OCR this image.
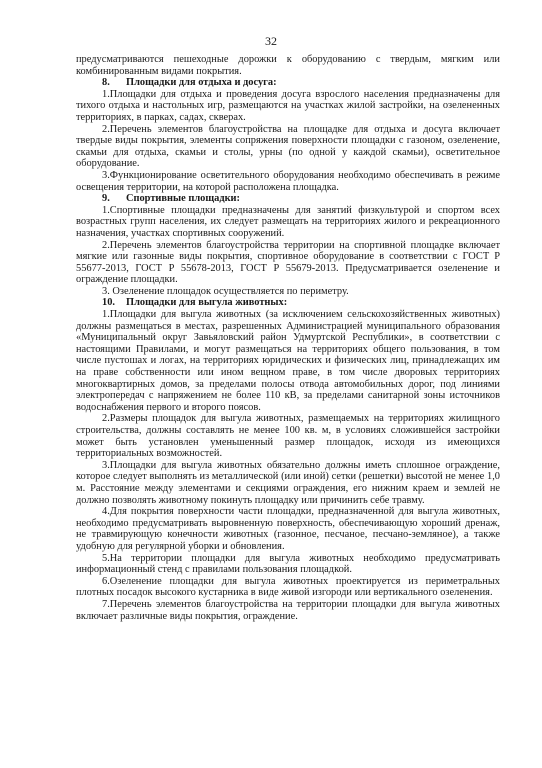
32

предусматриваются пешеходные дорожки к оборудованию с твердым, мягким или комбинированным видами покрытия.

8. Площадки для отдыха и досуга:

1.Площадки для отдыха и проведения досуга взрослого населения предназначены для тихого отдыха и настольных игр, размещаются на участках жилой застройки, на озелененных территориях, в парках, садах, скверах.

2.Перечень элементов благоустройства на площадке для отдыха и досуга включает твердые виды покрытия, элементы сопряжения поверхности площадки с газоном, озеленение, скамьи для отдыха, скамьи и столы, урны (по одной у каждой скамьи), осветительное оборудование.

3.Функционирование осветительного оборудования необходимо обеспечивать в режиме освещения территории, на которой расположена площадка.

9. Спортивные площадки:

1.Спортивные площадки предназначены для занятий физкультурой и спортом всех возрастных групп населения, их следует размещать на территориях жилого и рекреационного назначения, участках спортивных сооружений.

2.Перечень элементов благоустройства территории на спортивной площадке включает мягкие или газонные виды покрытия, спортивное оборудование в соответствии с ГОСТ Р 55677-2013, ГОСТ Р 55678-2013, ГОСТ Р 55679-2013. Предусматривается озеленение и ограждение площадки.

3. Озеленение площадок осуществляется по периметру.

10. Площадки для выгула животных:

1.Площадки для выгула животных (за исключением сельскохозяйственных животных) должны размещаться в местах, разрешенных Администрацией муниципального образования «Муниципальный округ Завьяловский район Удмуртской Республики», в соответствии с настоящими Правилами, и могут размещаться на территориях общего пользования, в том числе пустошах и логах, на территориях юридических и физических лиц, принадлежащих им на праве собственности или ином вещном праве, в том числе дворовых территориях многоквартирных домов, за пределами полосы отвода автомобильных дорог, под линиями электропередач с напряжением не более 110 кВ, за пределами санитарной зоны источников водоснабжения первого и второго поясов.

2.Размеры площадок для выгула животных, размещаемых на территориях жилищного строительства, должны составлять не менее 100 кв. м, в условиях сложившейся застройки может быть установлен уменьшенный размер площадок, исходя из имеющихся территориальных возможностей.

3.Площадки для выгула животных обязательно должны иметь сплошное ограждение, которое следует выполнять из металлической (или иной) сетки (решетки) высотой не менее 1,0 м. Расстояние между элементами и секциями ограждения, его нижним краем и землей не должно позволять животному покинуть площадку или причинить себе травму.

4.Для покрытия поверхности части площадки, предназначенной для выгула животных, необходимо предусматривать выровненную поверхность, обеспечивающую хороший дренаж, не травмирующую конечности животных (газонное, песчаное, песчано-земляное), а также удобную для регулярной уборки и обновления.

5.На территории площадки для выгула животных необходимо предусматривать информационный стенд с правилами пользования площадкой.

6.Озеленение площадки для выгула животных проектируется из периметральных плотных посадок высокого кустарника в виде живой изгороди или вертикального озеленения.

7.Перечень элементов благоустройства на территории площадки для выгула животных включает различные виды покрытия, ограждение.
